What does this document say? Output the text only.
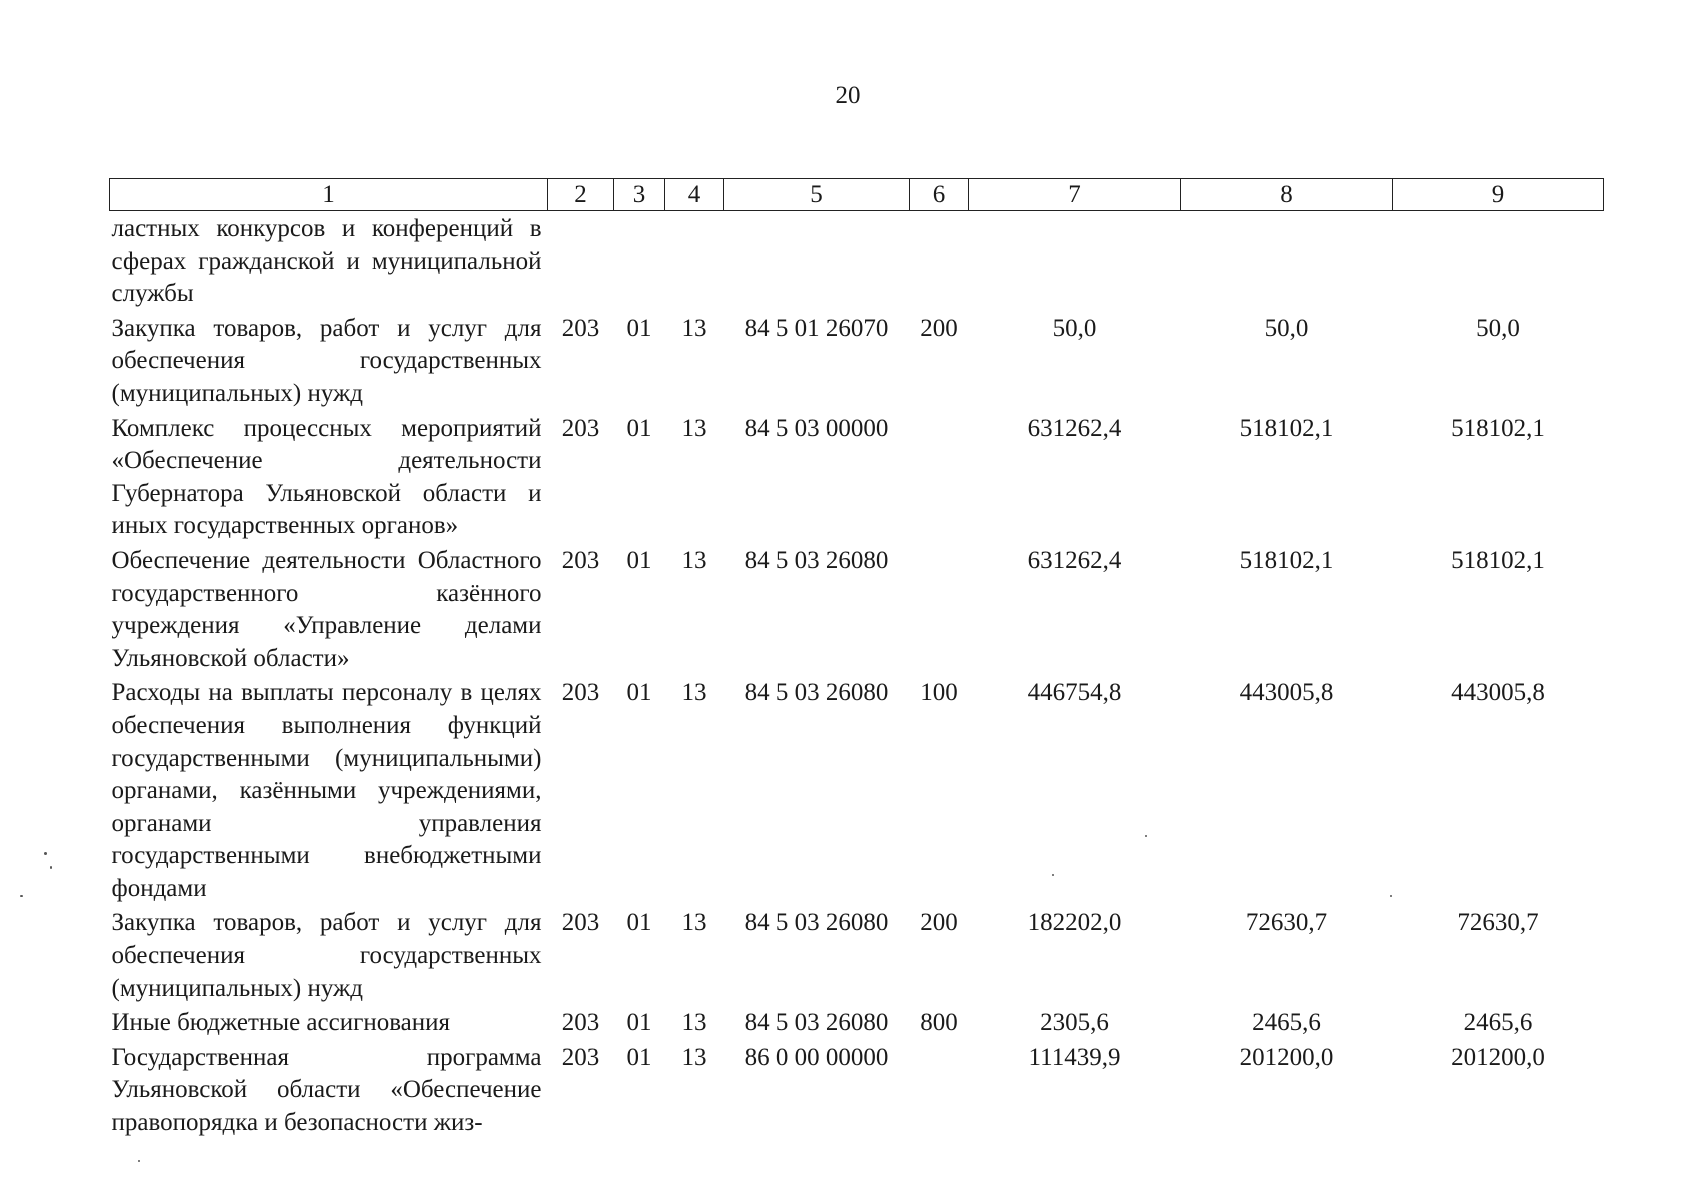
20
1	2	3	4	5	6	7	8	9
ластных конкурсов и конференций в сферах гражданской и муниципальной службы								
Закупка товаров, работ и услуг для обеспечения государственных (муниципальных) нужд	203	01	13	84 5 01 26070	200	50,0	50,0	50,0
Комплекс процессных мероприятий «Обеспечение деятельности Губернатора Ульяновской области и иных государственных органов»	203	01	13	84 5 03 00000		631262,4	518102,1	518102,1
Обеспечение деятельности Областного государственного казённого учреждения «Управление делами Ульяновской области»	203	01	13	84 5 03 26080		631262,4	518102,1	518102,1
Расходы на выплаты персоналу в целях обеспечения выполнения функций государственными (муниципальными) органами, казёнными учреждениями, органами управления государственными внебюджетными фондами	203	01	13	84 5 03 26080	100	446754,8	443005,8	443005,8
Закупка товаров, работ и услуг для обеспечения государственных (муниципальных) нужд	203	01	13	84 5 03 26080	200	182202,0	72630,7	72630,7
Иные бюджетные ассигнования	203	01	13	84 5 03 26080	800	2305,6	2465,6	2465,6
Государственная программа Ульяновской области «Обеспечение правопорядка и безопасности жиз-	203	01	13	86 0 00 00000		111439,9	201200,0	201200,0
